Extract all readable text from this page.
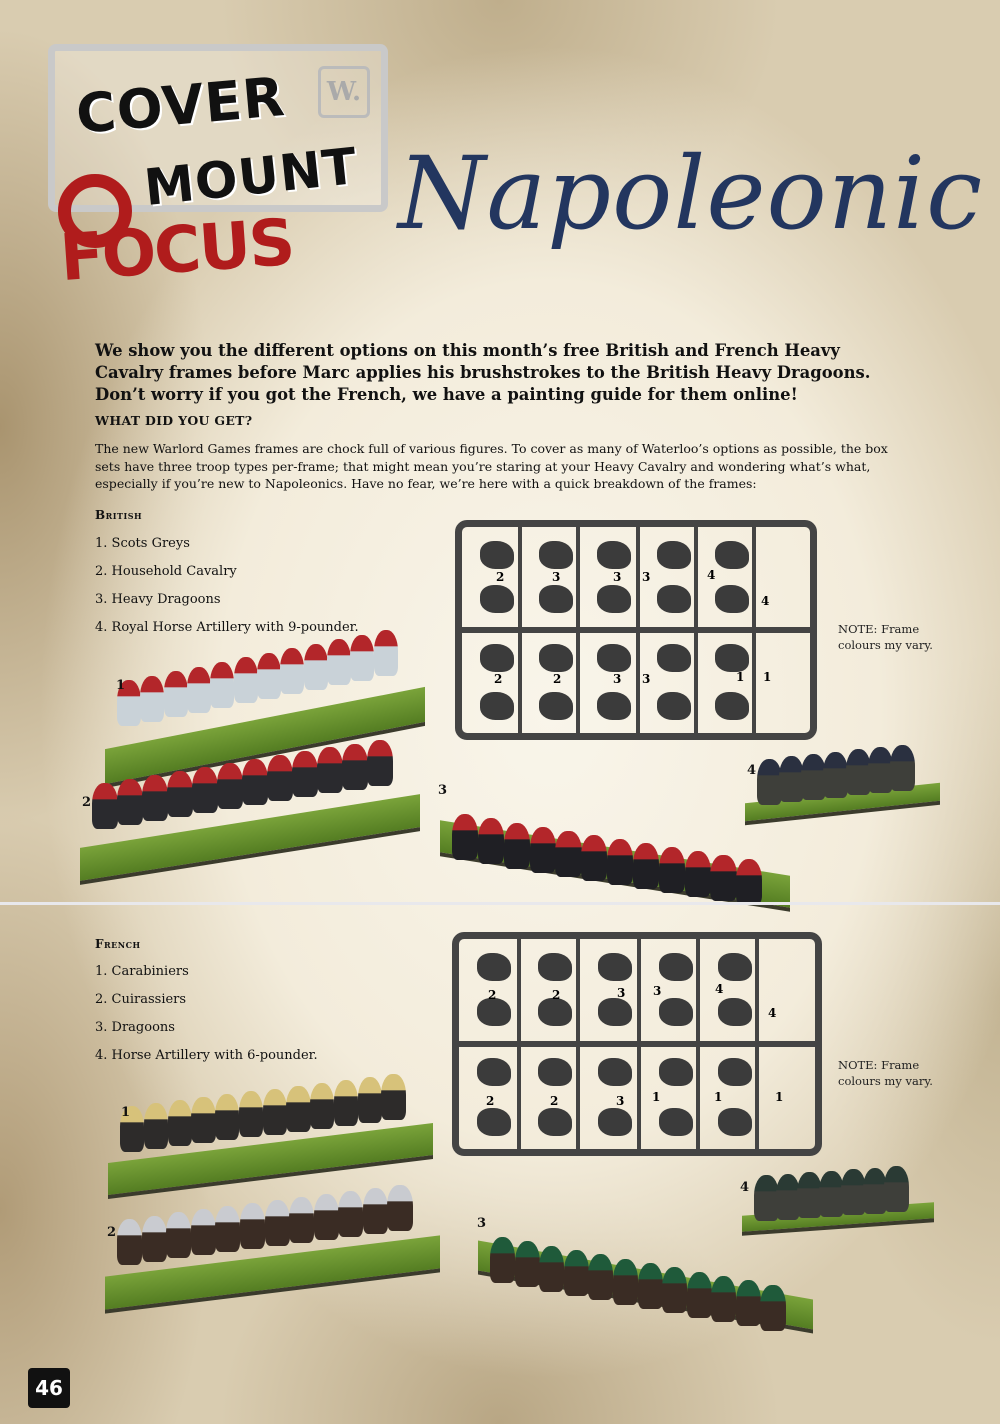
W.
COVER
MOUNT
FOCUS Napoleonic
We show you the different options on this month’s free British and French Heavy Cavalry frames before Marc applies his brushstrokes to the British Heavy Dragoons. Don’t worry if you got the French, we have a painting guide for them online!
WHAT DID YOU GET?
The new Warlord Games frames are chock full of various figures. To cover as many of Waterloo’s options as possible, the box sets have three troop types per-frame; that might mean you’re staring at your Heavy Cavalry and wondering what’s what, especially if you’re new to Napoleonics. Have no fear, we’re here with a quick breakdown of the frames:
British
1. Scots Greys
2. Household Cavalry
3. Heavy Dragoons
4. Royal Horse Artillery with 9-pounder.
2	3	3 3	4
4
2	2	3 3	1 1
NOTE: Frame colours my vary.
1
2
3
4
French
1. Carabiniers
2. Cuirassiers
3. Dragoons
4. Horse Artillery with 6-pounder.
2	2	3 3	4
4
2	2	3 1	1	1
NOTE: Frame colours my vary.
1
2
3
4
46
